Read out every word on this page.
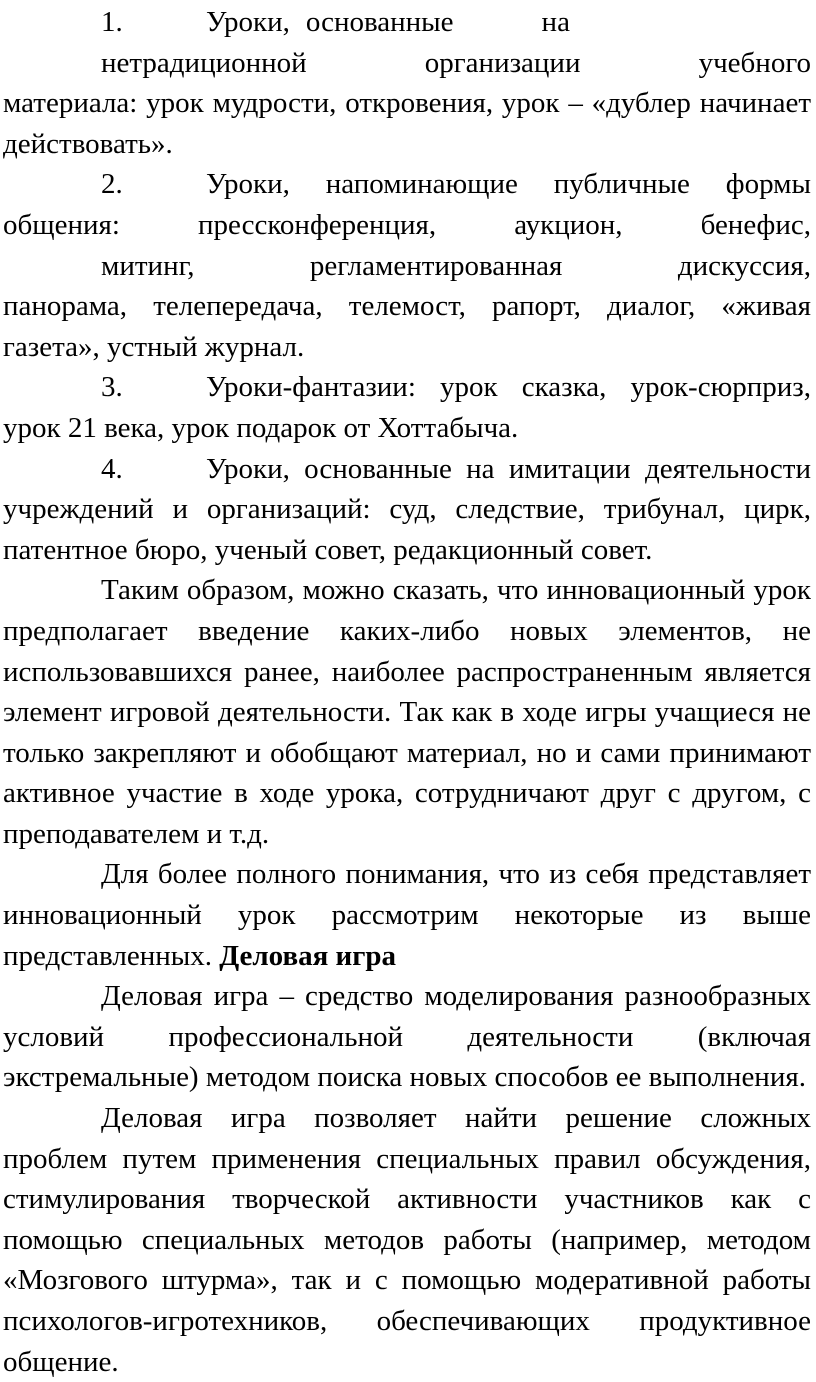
1.	Уроки, основанные	на

нетрадиционной организации учебного

материала: урок мудрости, откровения, урок – «дублер начинает действовать».

2.	Уроки, напоминающие публичные формы общения: прессконференция, аукцион, бенефис,

митинг, регламентированная дискуссия,

панорама, телепередача, телемост, рапорт, диалог, «живая газета», устный журнал.

3.	Уроки-фантазии: урок сказка, урок-сюрприз, урок 21 века, урок подарок от Хоттабыча.

4.	Уроки, основанные на имитации деятельности учреждений и организаций: суд, следствие, трибунал, цирк, патентное бюро, ученый совет, редакционный совет.

Таким образом, можно сказать, что инновационный урок предполагает введение каких-либо новых элементов, не использовавшихся ранее, наиболее распространенным является элемент игровой деятельности. Так как в ходе игры учащиеся не только закрепляют и обобщают материал, но и сами принимают активное участие в ходе урока, сотрудничают друг с другом, с преподавателем и т.д.

Для более полного понимания, что из себя представляет инновационный урок рассмотрим некоторые из выше представленных. Деловая игра

Деловая игра – средство моделирования разнообразных условий профессиональной деятельности (включая экстремальные) методом поиска новых способов ее выполнения.

Деловая игра позволяет найти решение сложных проблем путем применения специальных правил обсуждения, стимулирования творческой активности участников как с помощью специальных методов работы (например, методом «Мозгового штурма», так и с помощью модеративной работы психологов-игротехников, обеспечивающих продуктивное общение.
